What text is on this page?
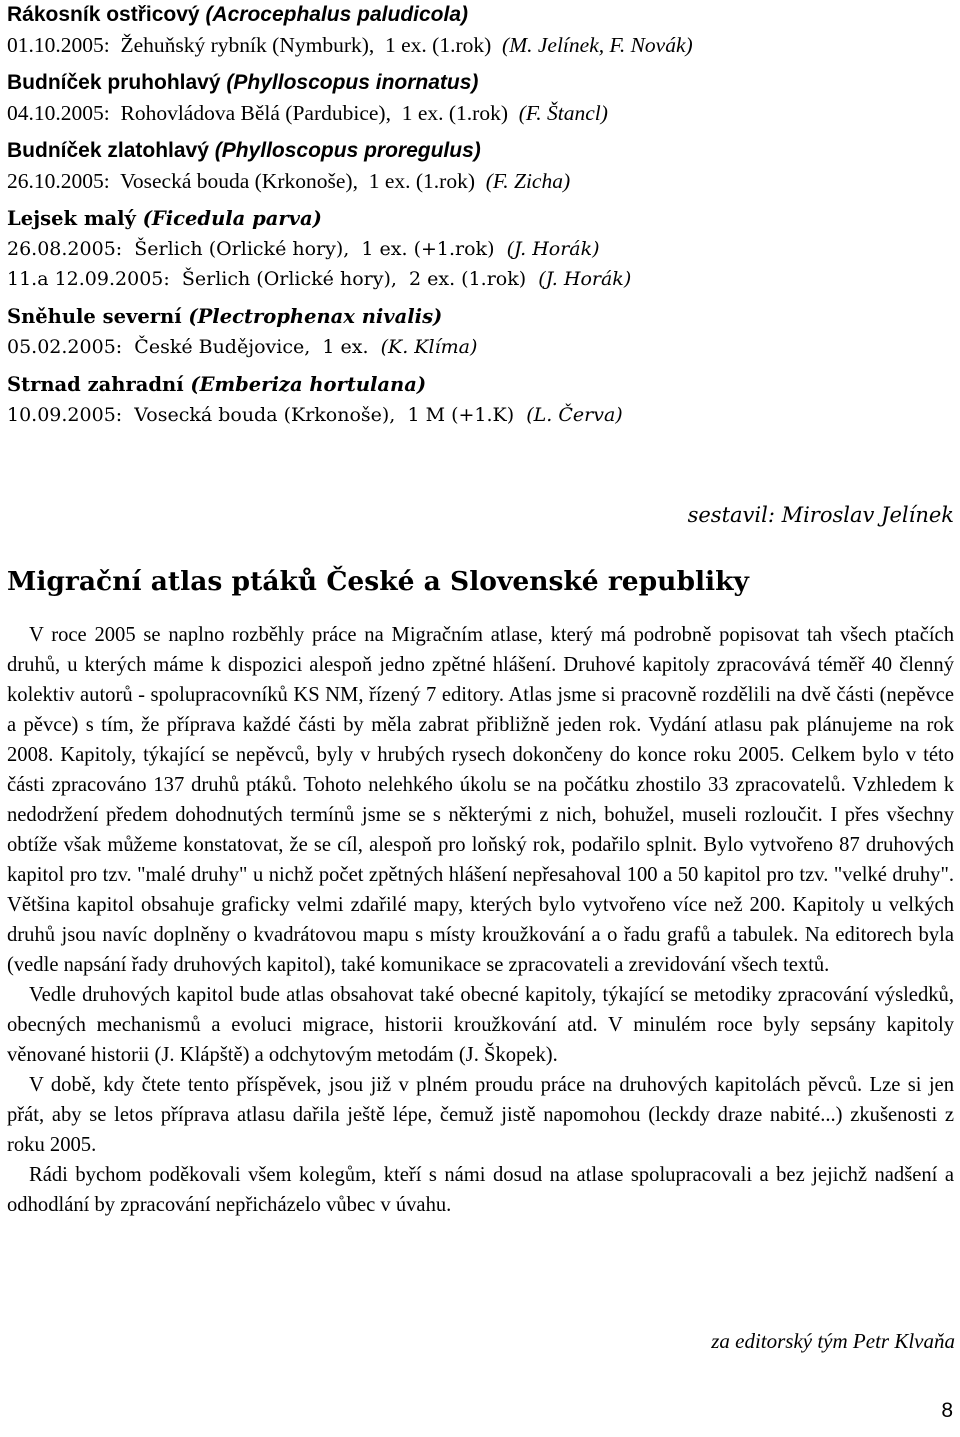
Rákosník ostřicový (Acrocephalus paludicola)

01.10.2005: Žehuňský rybník (Nymburk), 1 ex. (1.rok) (M. Jelínek, F. Novák)

Budníček pruhohlavý (Phylloscopus inornatus)

04.10.2005: Rohovládova Bělá (Pardubice), 1 ex. (1.rok) (F. Štancl)

Budníček zlatohlavý (Phylloscopus proregulus)

26.10.2005: Vosecká bouda (Krkonoše), 1 ex. (1.rok) (F. Zicha)

Lejsek malý (Ficedula parva)

26.08.2005: Šerlich (Orlické hory), 1 ex. (+1.rok) (J. Horák)

11.a 12.09.2005: Šerlich (Orlické hory), 2 ex. (1.rok) (J. Horák)

Sněhule severní (Plectrophenax nivalis)

05.02.2005: České Budějovice, 1 ex. (K. Klíma)

Strnad zahradní (Emberiza hortulana)

10.09.2005: Vosecká bouda (Krkonoše), 1 M (+1.K) (L. Červa)

sestavil: Miroslav Jelínek
Migrační atlas ptáků České a Slovenské republiky

V roce 2005 se naplno rozběhly práce na Migračním atlase, který má podrobně popisovat tah všech ptačích druhů, u kterých máme k dispozici alespoň jedno zpětné hlášení. Druhové kapitoly zpracovává téměř 40 členný kolektiv autorů - spolupracovníků KS NM, řízený 7 editory. Atlas jsme si pracovně rozdělili na dvě části (nepěvce a pěvce) s tím, že příprava každé části by měla zabrat přibližně jeden rok. Vydání atlasu pak plánujeme na rok 2008. Kapitoly, týkající se nepěvců, byly v hrubých rysech dokončeny do konce roku 2005. Celkem bylo v této části zpracováno 137 druhů ptáků. Tohoto nelehkého úkolu se na počátku zhostilo 33 zpracovatelů. Vzhledem k nedodržení předem dohodnutých termínů jsme se s některými z nich, bohužel, museli rozloučit. I přes všechny obtíže však můžeme konstatovat, že se cíl, alespoň pro loňský rok, podařilo splnit. Bylo vytvořeno 87 druhových kapitol pro tzv. "malé druhy" u nichž počet zpětných hlášení nepřesahoval 100 a 50 kapitol pro tzv. "velké druhy". Většina kapitol obsahuje graficky velmi zdařilé mapy, kterých bylo vytvořeno více než 200. Kapitoly u velkých druhů jsou navíc doplněny o kvadrátovou mapu s místy kroužkování a o řadu grafů a tabulek. Na editorech byla (vedle napsání řady druhových kapitol), také komunikace se zpracovateli a zrevidování všech textů.

Vedle druhových kapitol bude atlas obsahovat také obecné kapitoly, týkající se metodiky zpracování výsledků, obecných mechanismů a evoluci migrace, historii kroužkování atd. V minulém roce byly sepsány kapitoly věnované historii (J. Klápště) a odchytovým metodám (J. Škopek).

V době, kdy čtete tento příspěvek, jsou již v plném proudu práce na druhových kapitolách pěvců. Lze si jen přát, aby se letos příprava atlasu dařila ještě lépe, čemuž jistě napomohou (leckdy draze nabité...) zkušenosti z roku 2005.

Rádi bychom poděkovali všem kolegům, kteří s námi dosud na atlase spolupracovali a bez jejichž nadšení a odhodlání by zpracování nepřicházelo vůbec v úvahu.

za editorský tým Petr Klvaňa
8
